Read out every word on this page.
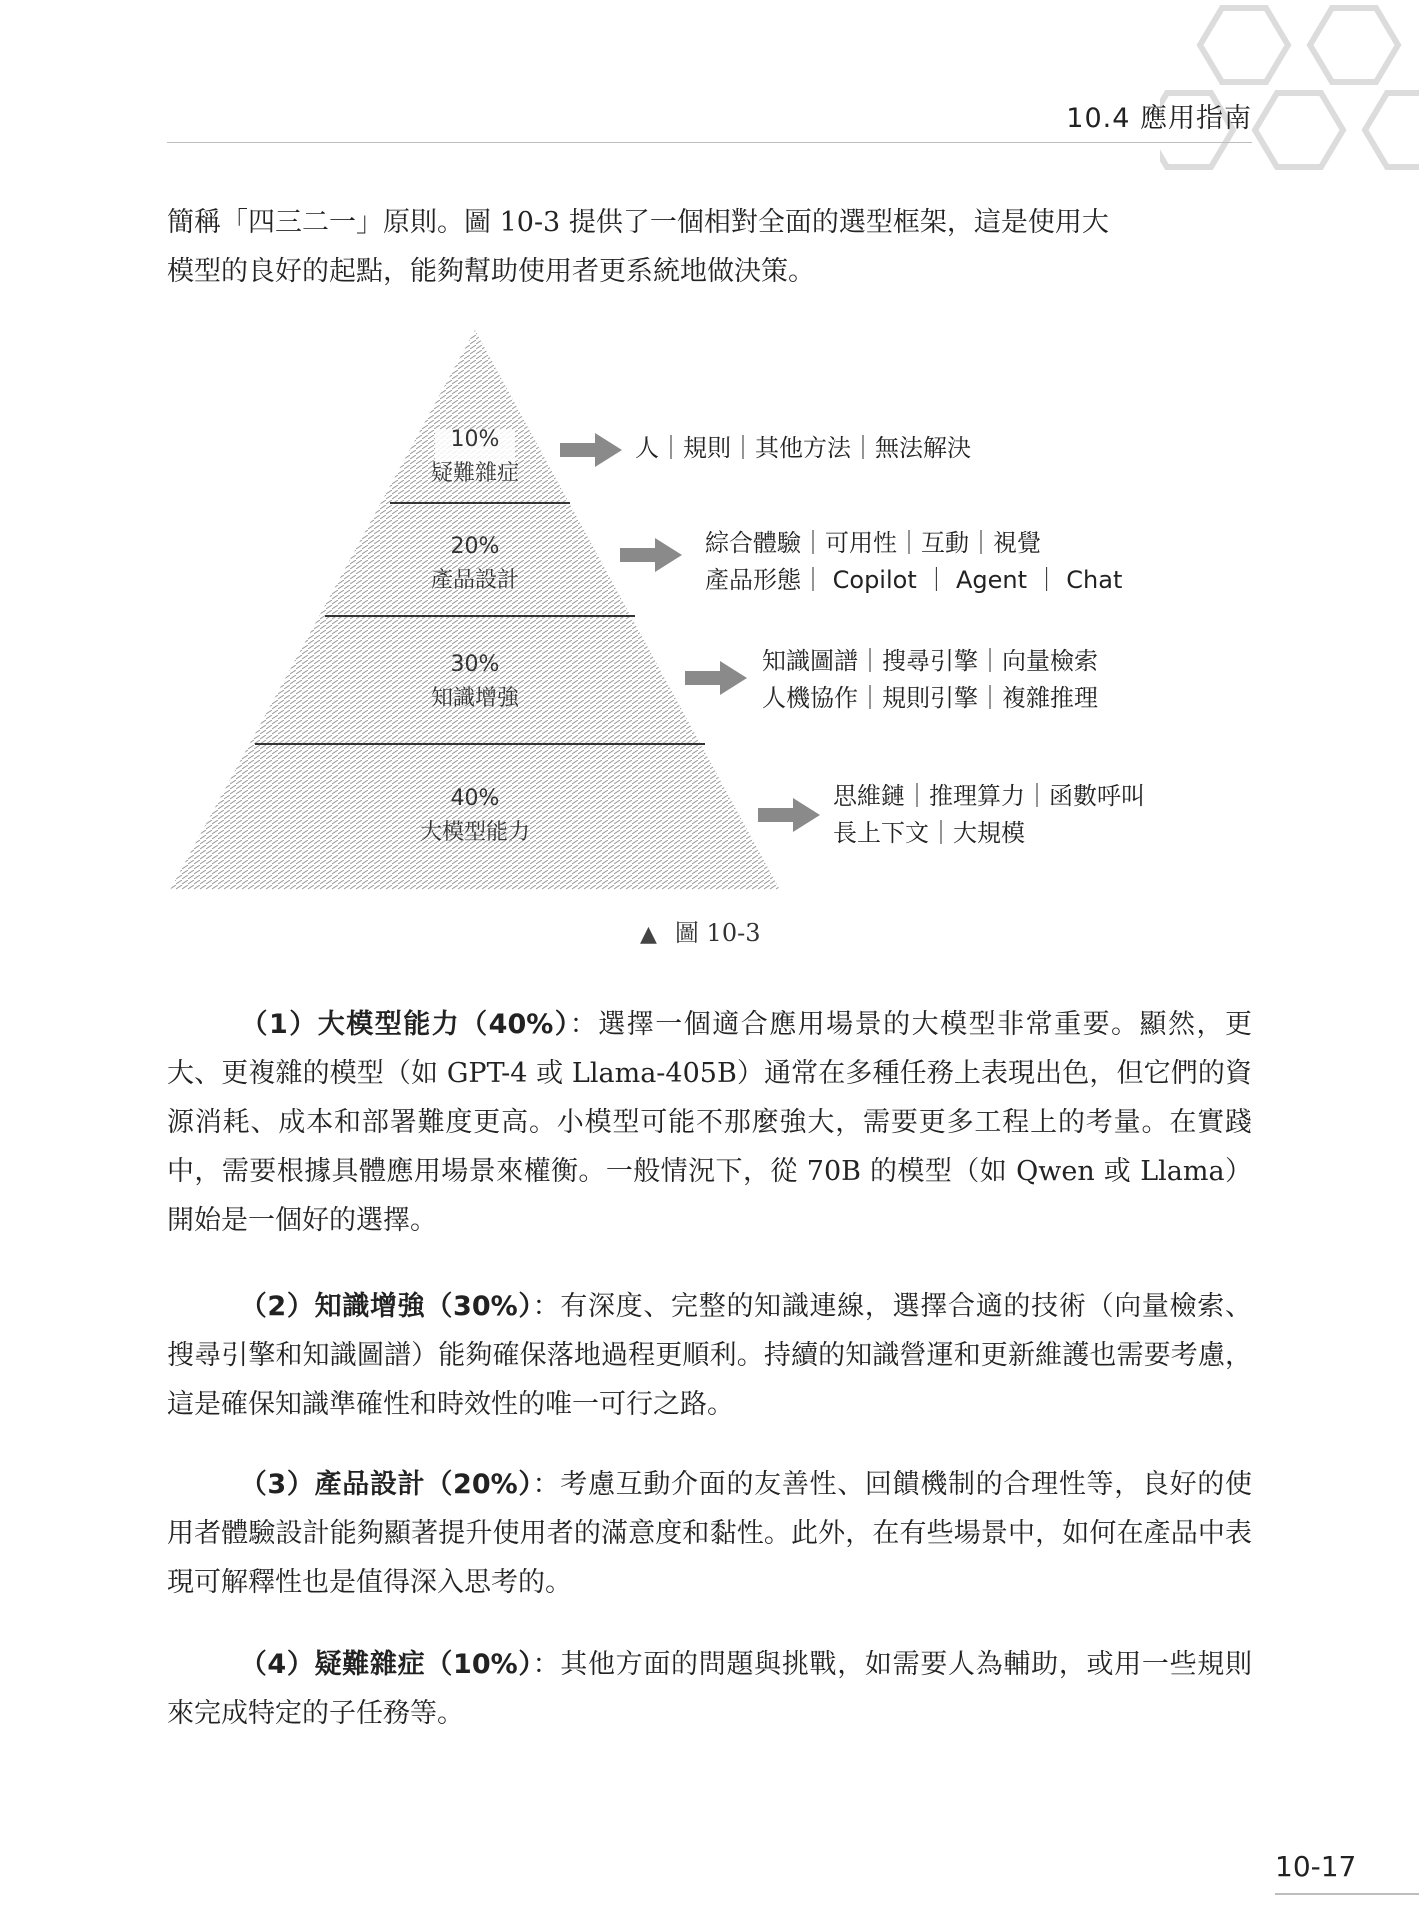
10.4 應用指南

簡稱「四三二一」原則。圖 10-3 提供了一個相對全面的選型框架，這是使用大
模型的良好的起點，能夠幫助使用者更系統地做決策。

10%
疑難雜症
20%
產品設計
30%
知識增強
40%
大模型能力
人｜規則｜其他方法｜無法解決
綜合體驗｜可用性｜互動｜視覺
產品形態｜ Copilot ｜ Agent ｜ Chat
知識圖譜｜搜尋引擎｜向量檢索
人機協作｜規則引擎｜複雜推理
思維鏈｜推理算力｜函數呼叫
長上下文｜大規模
▲ 圖 10-3

（1）大模型能力（40%）：選擇一個適合應用場景的大模型非常重要。顯然，更大、更複雜的模型（如 GPT-4 或 Llama-405B）通常在多種任務上表現出色，但它們的資源消耗、成本和部署難度更高。小模型可能不那麼強大，需要更多工程上的考量。在實踐中，需要根據具體應用場景來權衡。一般情況下，從 70B 的模型（如 Qwen 或 Llama）開始是一個好的選擇。

（2）知識增強（30%）：有深度、完整的知識連線，選擇合適的技術（向量檢索、搜尋引擎和知識圖譜）能夠確保落地過程更順利。持續的知識營運和更新維護也需要考慮，這是確保知識準確性和時效性的唯一可行之路。

（3）產品設計（20%）：考慮互動介面的友善性、回饋機制的合理性等，良好的使用者體驗設計能夠顯著提升使用者的滿意度和黏性。此外，在有些場景中，如何在產品中表現可解釋性也是值得深入思考的。

（4）疑難雜症（10%）：其他方面的問題與挑戰，如需要人為輔助，或用一些規則來完成特定的子任務等。

10-17
